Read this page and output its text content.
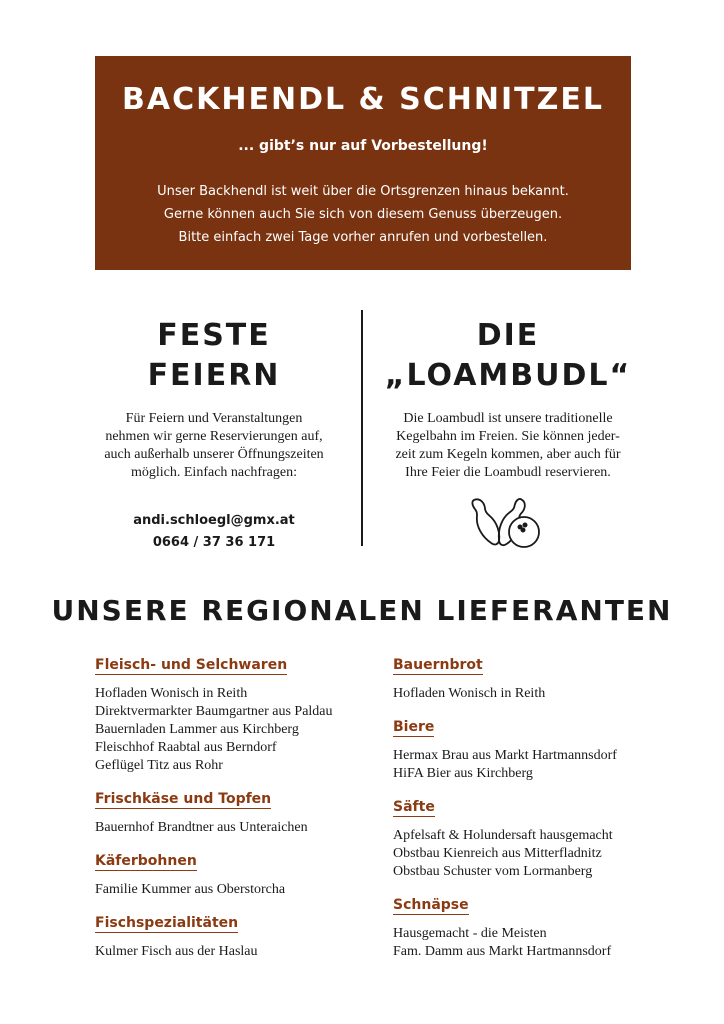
BACKHENDL & SCHNITZEL
... gibt’s nur auf Vorbestellung!
Unser Backhendl ist weit über die Ortsgrenzen hinaus bekannt.
Gerne können auch Sie sich von diesem Genuss überzeugen.
Bitte einfach zwei Tage vorher anrufen und vorbestellen.
FESTE
FEIERN
Für Feiern und Veranstaltungen
nehmen wir gerne Reservierungen auf,
auch außerhalb unserer Öffnungszeiten
möglich. Einfach nachfragen:
andi.schloegl@gmx.at
0664 / 37 36 171
DIE
„LOAMBUDL“
Die Loambudl ist unsere traditionelle
Kegelbahn im Freien. Sie können jeder-
zeit zum Kegeln kommen, aber auch für
Ihre Feier die Loambudl reservieren.
UNSERE REGIONALEN LIEFERANTEN
Fleisch- und Selchwaren
Hofladen Wonisch in Reith
Direktvermarkter Baumgartner aus Paldau
Bauernladen Lammer aus Kirchberg
Fleischhof Raabtal aus Berndorf
Geflügel Titz aus Rohr
Frischkäse und Topfen
Bauernhof Brandtner aus Unteraichen
Käferbohnen
Familie Kummer aus Oberstorcha
Fischspezialitäten
Kulmer Fisch aus der Haslau
Bauernbrot
Hofladen Wonisch in Reith
Biere
Hermax Brau aus Markt Hartmannsdorf
HiFA Bier aus Kirchberg
Säfte
Apfelsaft & Holundersaft hausgemacht
Obstbau Kienreich aus Mitterfladnitz
Obstbau Schuster vom Lormanberg
Schnäpse
Hausgemacht - die Meisten
Fam. Damm aus Markt Hartmannsdorf
